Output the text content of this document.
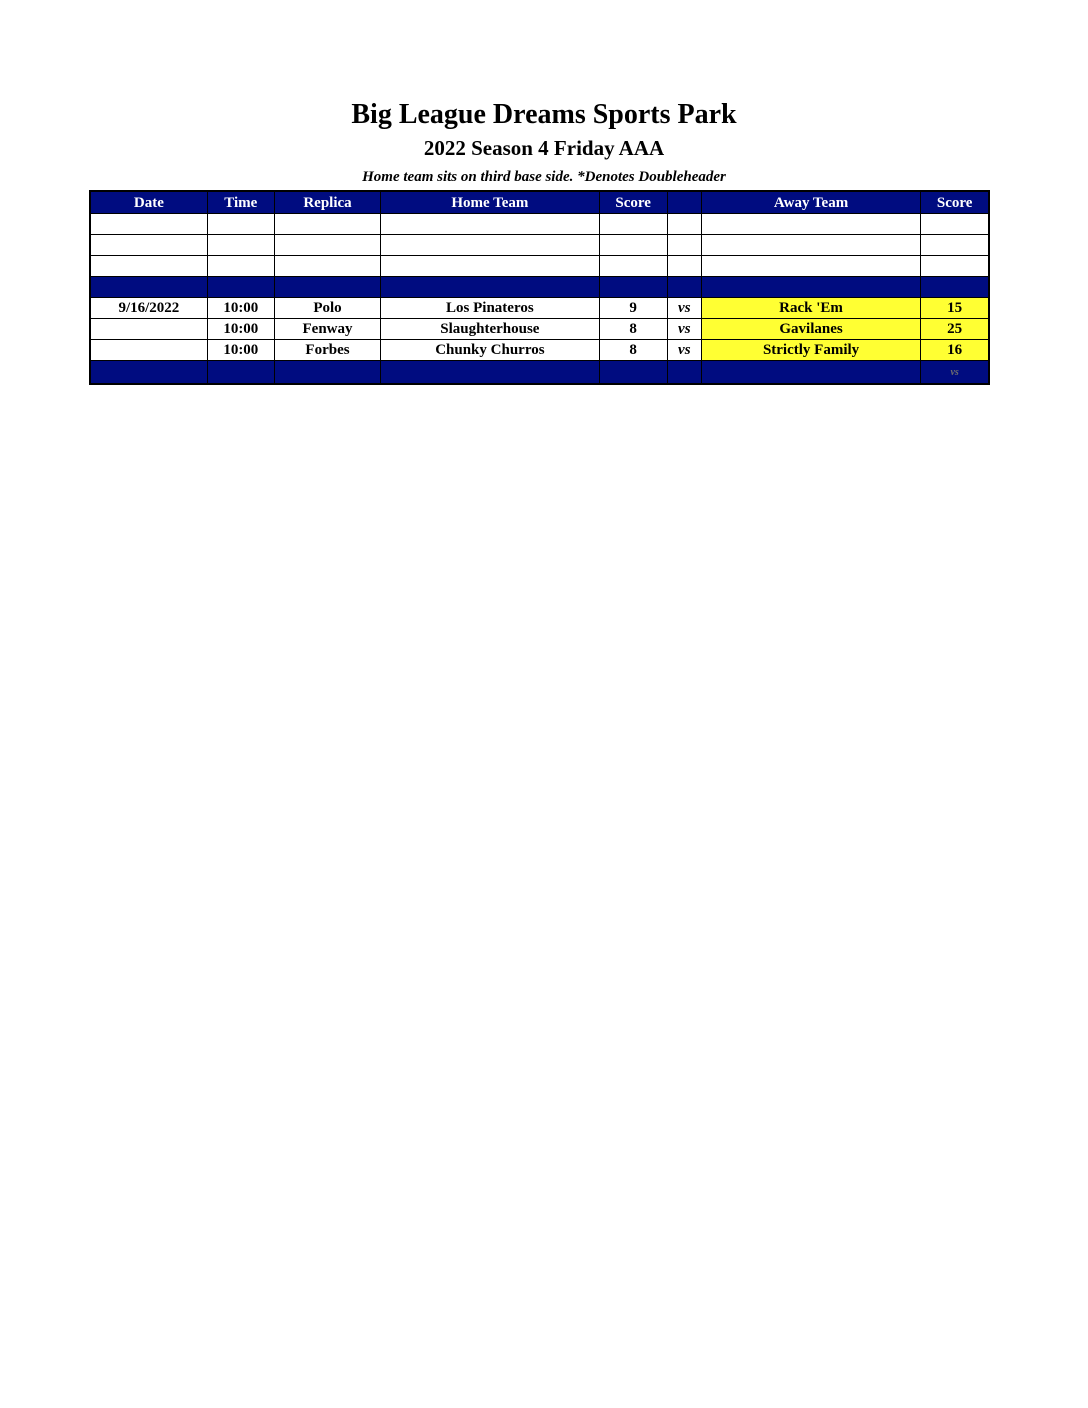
Big League Dreams Sports Park
2022 Season 4 Friday AAA
Home team sits on third base side. *Denotes Doubleheader
Date	Time	Replica	Home Team	Score		Away Team	Score

9/16/2022	10:00	Polo	Los Pinateros	9	vs	Rack 'Em	15
	10:00	Fenway	Slaughterhouse	8	vs	Gavilanes	25
	10:00	Forbes	Chunky Churros	8	vs	Strictly Family	16
							vs
